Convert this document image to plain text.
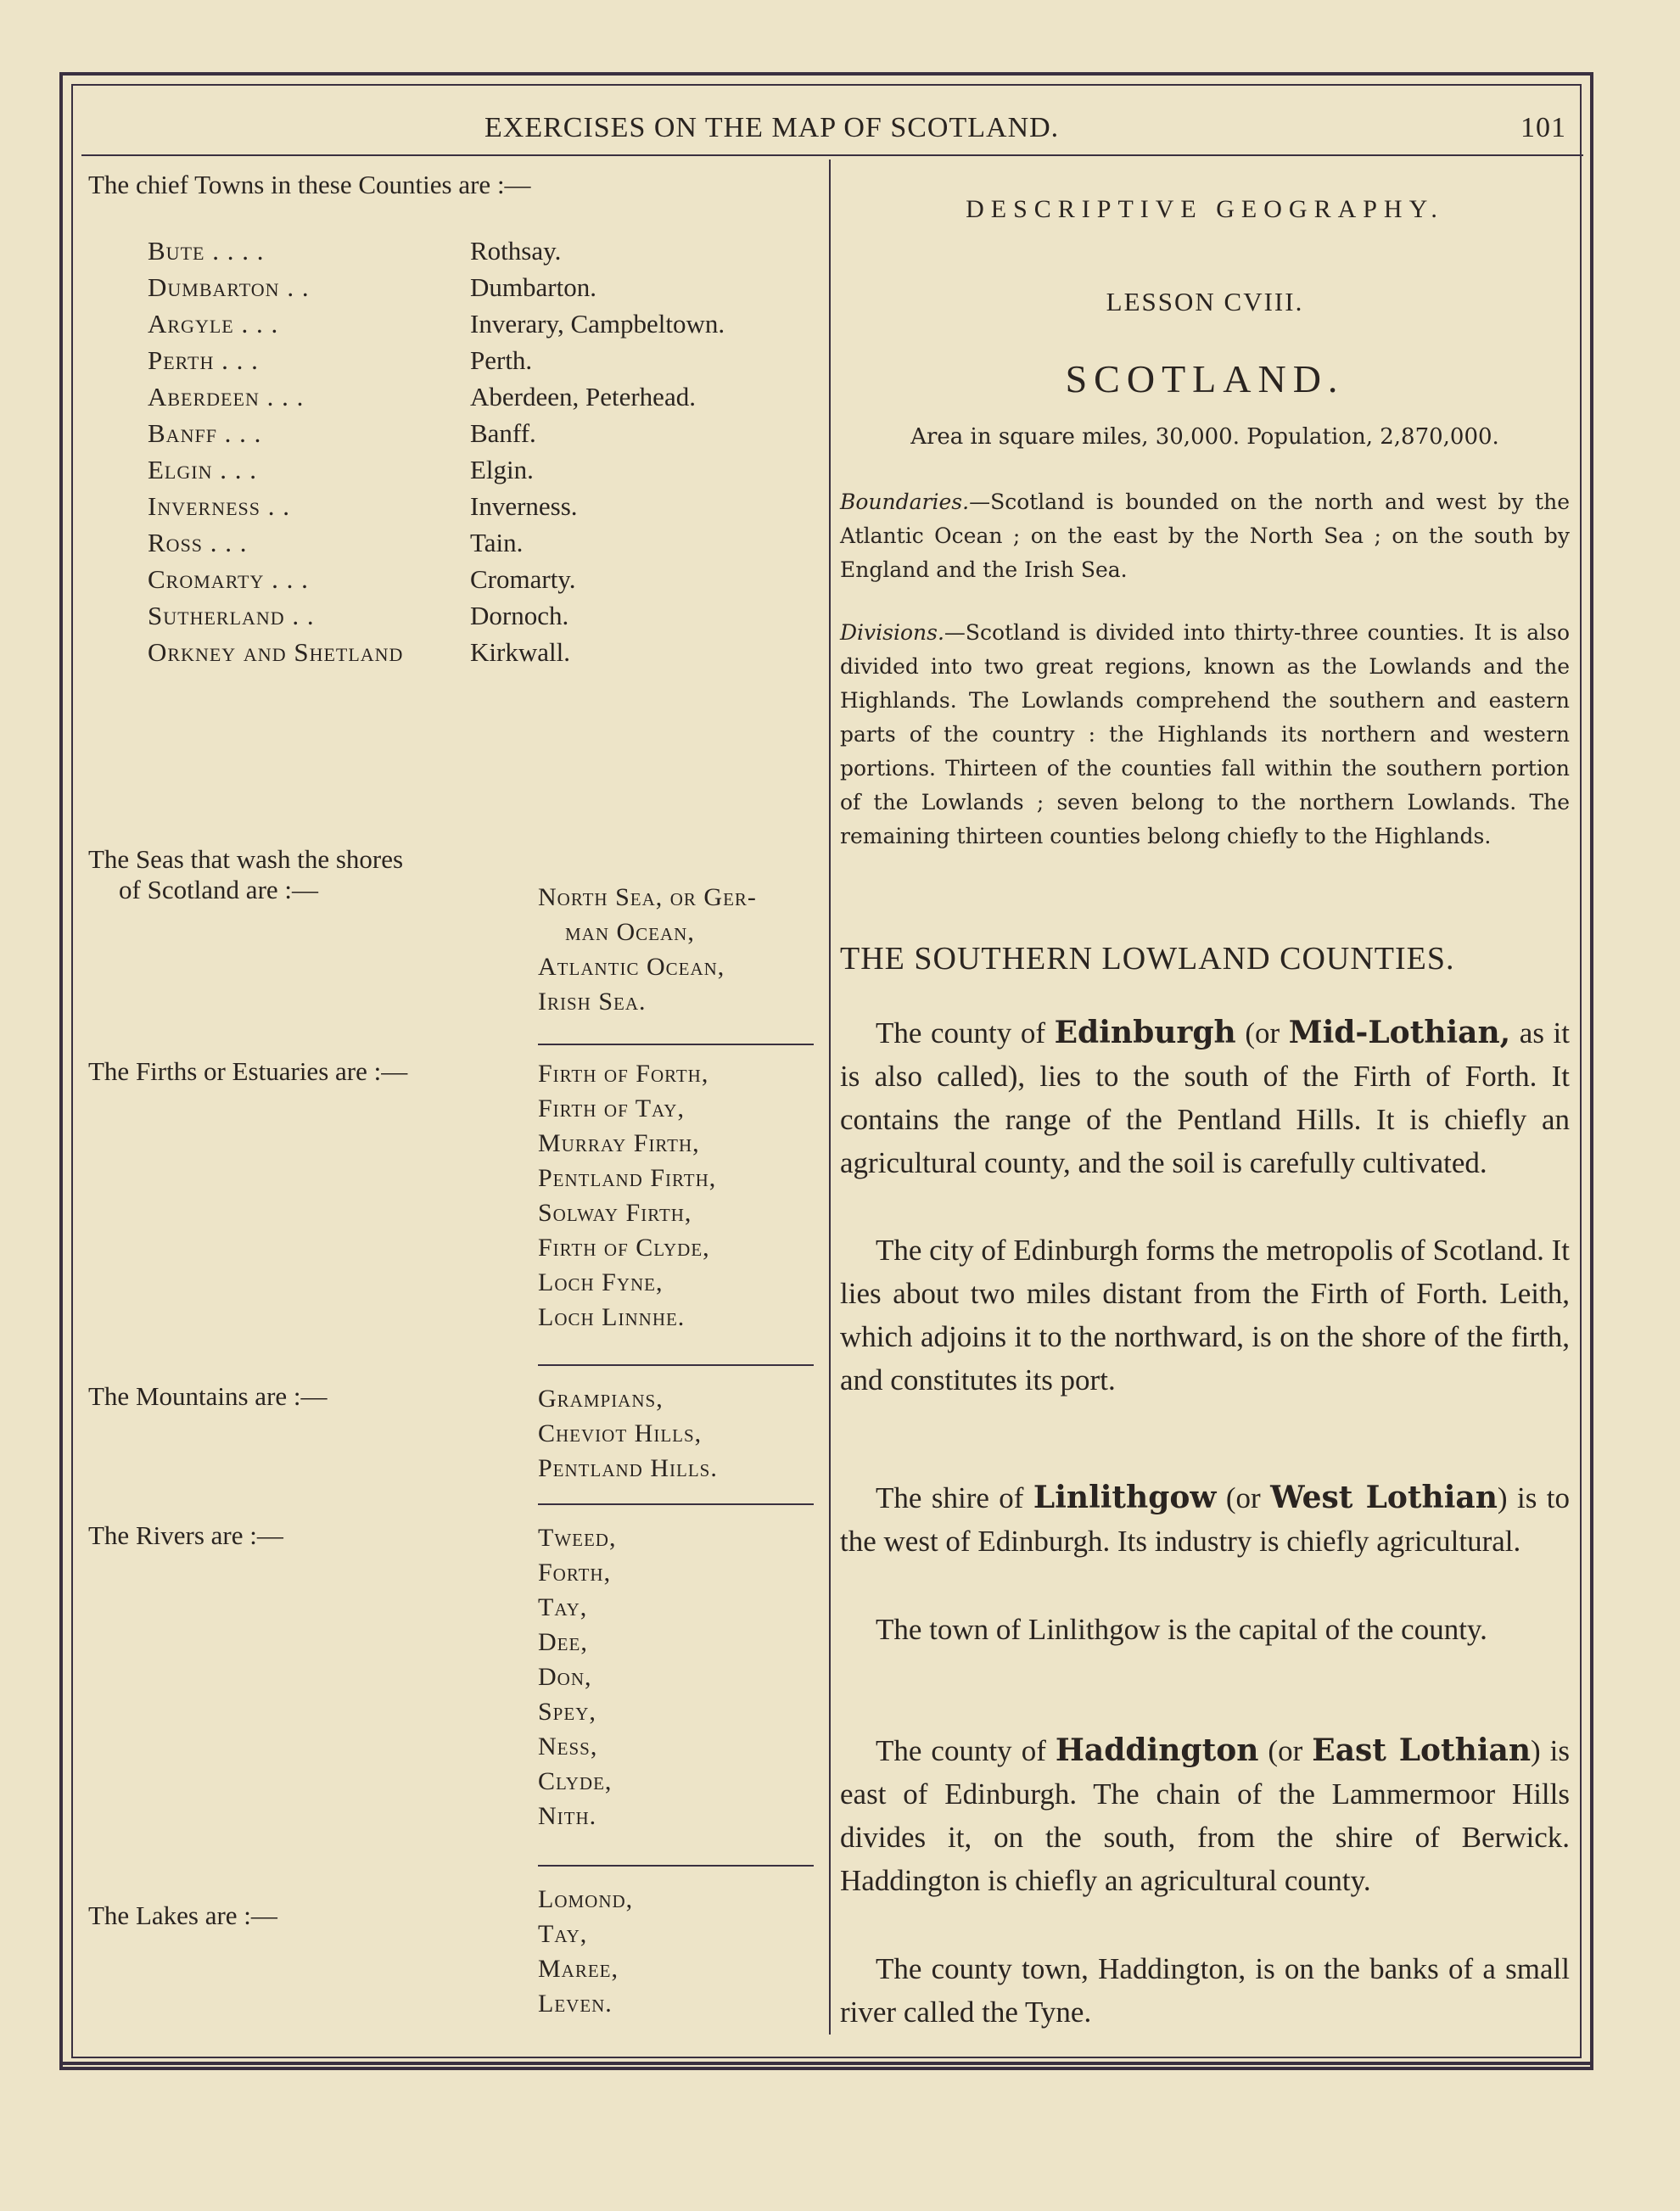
EXERCISES ON THE MAP OF SCOTLAND.	101

The chief Towns in these Counties are :—

Bute . . . .	Rothsay.
Dumbarton . .	Dumbarton.
Argyle . . .	Inverary, Campbeltown.
Perth . . .	Perth.
Aberdeen . . .	Aberdeen, Peterhead.
Banff . . .	Banff.
Elgin . . .	Elgin.
Inverness . .	Inverness.
Ross . . .	Tain.
Cromarty . . .	Cromarty.
Sutherland . .	Dornoch.
Orkney and Shetland	Kirkwall.
The Seas that wash the shores
of Scotland are :—	North Sea, or Ger-
man Ocean,
Atlantic Ocean,
Irish Sea.
The Firths or Estuaries are :—	Firth of Forth,
Firth of Tay,
Murray Firth,
Pentland Firth,
Solway Firth,
Firth of Clyde,
Loch Fyne,
Loch Linnhe.
The Mountains are :—	Grampians,
Cheviot Hills,
Pentland Hills.
The Rivers are :—	Tweed,
Forth,
Tay,
Dee,
Don,
Spey,
Ness,
Clyde,
Nith.
The Lakes are :—
Lomond,
Tay,
Maree,
Leven.

DESCRIPTIVE GEOGRAPHY.

LESSON CVIII.

SCOTLAND.

Area in square miles, 30,000. Population, 2,870,000.

Boundaries.—Scotland is bounded on the north and west by the Atlantic Ocean ; on the east by the North Sea ; on the south by England and the Irish Sea.

Divisions.—Scotland is divided into thirty-three counties. It is also divided into two great regions, known as the Lowlands and the Highlands. The Lowlands comprehend the southern and eastern parts of the country : the Highlands its northern and western portions. Thirteen of the counties fall within the southern portion of the Lowlands ; seven belong to the northern Lowlands. The remaining thirteen counties belong chiefly to the Highlands.

THE SOUTHERN LOWLAND COUNTIES.

The county of Edinburgh (or Mid-Lothian, as it is also called), lies to the south of the Firth of Forth. It contains the range of the Pentland Hills. It is chiefly an agricultural county, and the soil is carefully cultivated.

The city of Edinburgh forms the metropolis of Scotland. It lies about two miles distant from the Firth of Forth. Leith, which adjoins it to the northward, is on the shore of the firth, and constitutes its port.

The shire of Linlithgow (or West Lothian) is to the west of Edinburgh. Its industry is chiefly agricultural.

The town of Linlithgow is the capital of the county.

The county of Haddington (or East Lothian) is east of Edinburgh. The chain of the Lammermoor Hills divides it, on the south, from the shire of Berwick. Haddington is chiefly an agricultural county.

The county town, Haddington, is on the banks of a small river called the Tyne.
